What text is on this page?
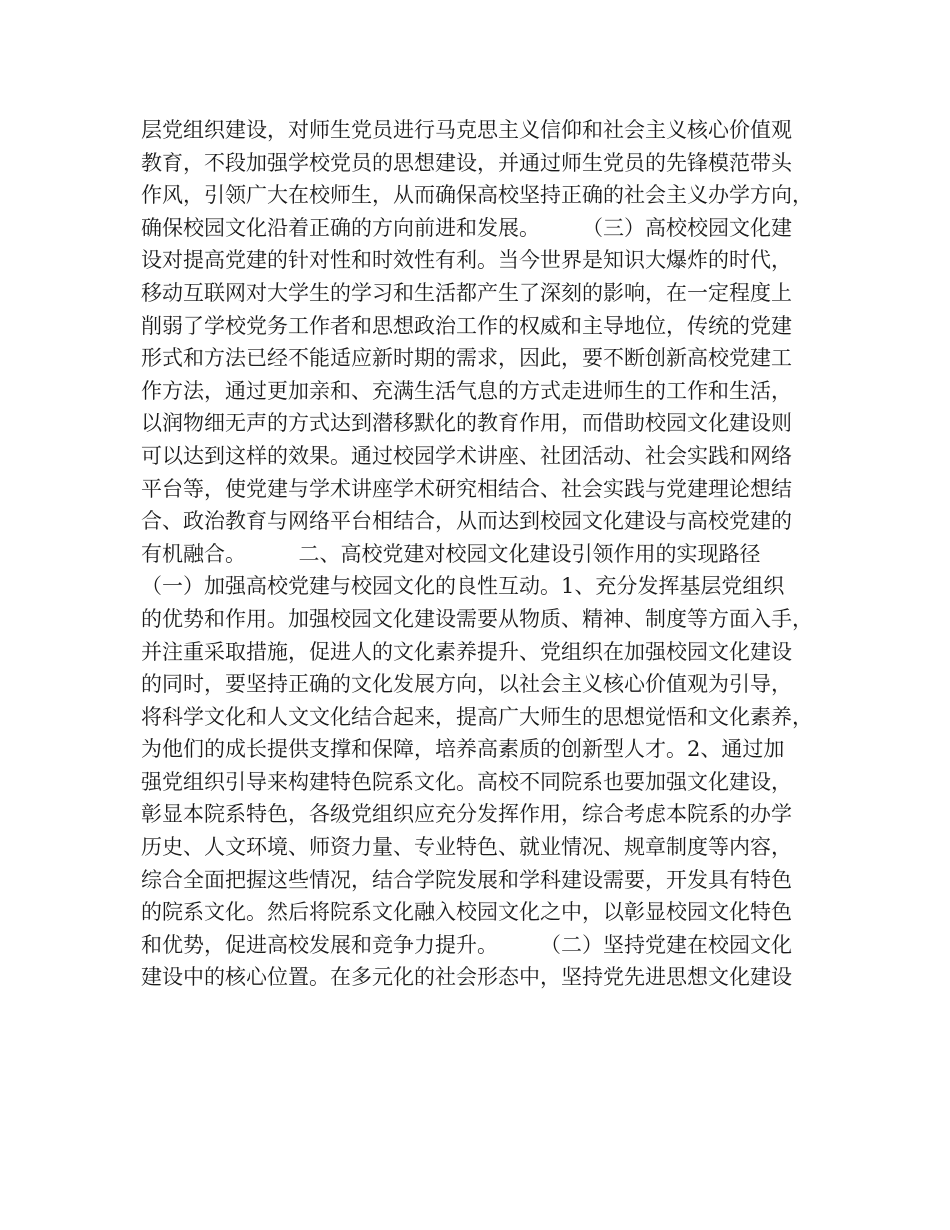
层党组织建设，对师生党员进行马克思主义信仰和社会主义核心价值观
教育，不段加强学校党员的思想建设，并通过师生党员的先锋模范带头
作风，引领广大在校师生，从而确保高校坚持正确的社会主义办学方向，
确保校园文化沿着正确的方向前进和发展。　　　（三）高校校园文化建
设对提高党建的针对性和时效性有利。当今世界是知识大爆炸的时代，
移动互联网对大学生的学习和生活都产生了深刻的影响，在一定程度上
削弱了学校党务工作者和思想政治工作的权威和主导地位，传统的党建
形式和方法已经不能适应新时期的需求，因此，要不断创新高校党建工
作方法，通过更加亲和、充满生活气息的方式走进师生的工作和生活，
以润物细无声的方式达到潜移默化的教育作用，而借助校园文化建设则
可以达到这样的效果。通过校园学术讲座、社团活动、社会实践和网络
平台等，使党建与学术讲座学术研究相结合、社会实践与党建理论想结
合、政治教育与网络平台相结合，从而达到校园文化建设与高校党建的
有机融合。　　　二、高校党建对校园文化建设引领作用的实现路径
（一）加强高校党建与校园文化的良性互动。1、充分发挥基层党组织
的优势和作用。加强校园文化建设需要从物质、精神、制度等方面入手，
并注重采取措施，促进人的文化素养提升、党组织在加强校园文化建设
的同时，要坚持正确的文化发展方向，以社会主义核心价值观为引导，
将科学文化和人文文化结合起来，提高广大师生的思想觉悟和文化素养，
为他们的成长提供支撑和保障，培养高素质的创新型人才。2、通过加
强党组织引导来构建特色院系文化。高校不同院系也要加强文化建设，
彰显本院系特色，各级党组织应充分发挥作用，综合考虑本院系的办学
历史、人文环境、师资力量、专业特色、就业情况、规章制度等内容，
综合全面把握这些情况，结合学院发展和学科建设需要，开发具有特色
的院系文化。然后将院系文化融入校园文化之中，以彰显校园文化特色
和优势，促进高校发展和竞争力提升。　　　（二）坚持党建在校园文化
建设中的核心位置。在多元化的社会形态中，坚持党先进思想文化建设
